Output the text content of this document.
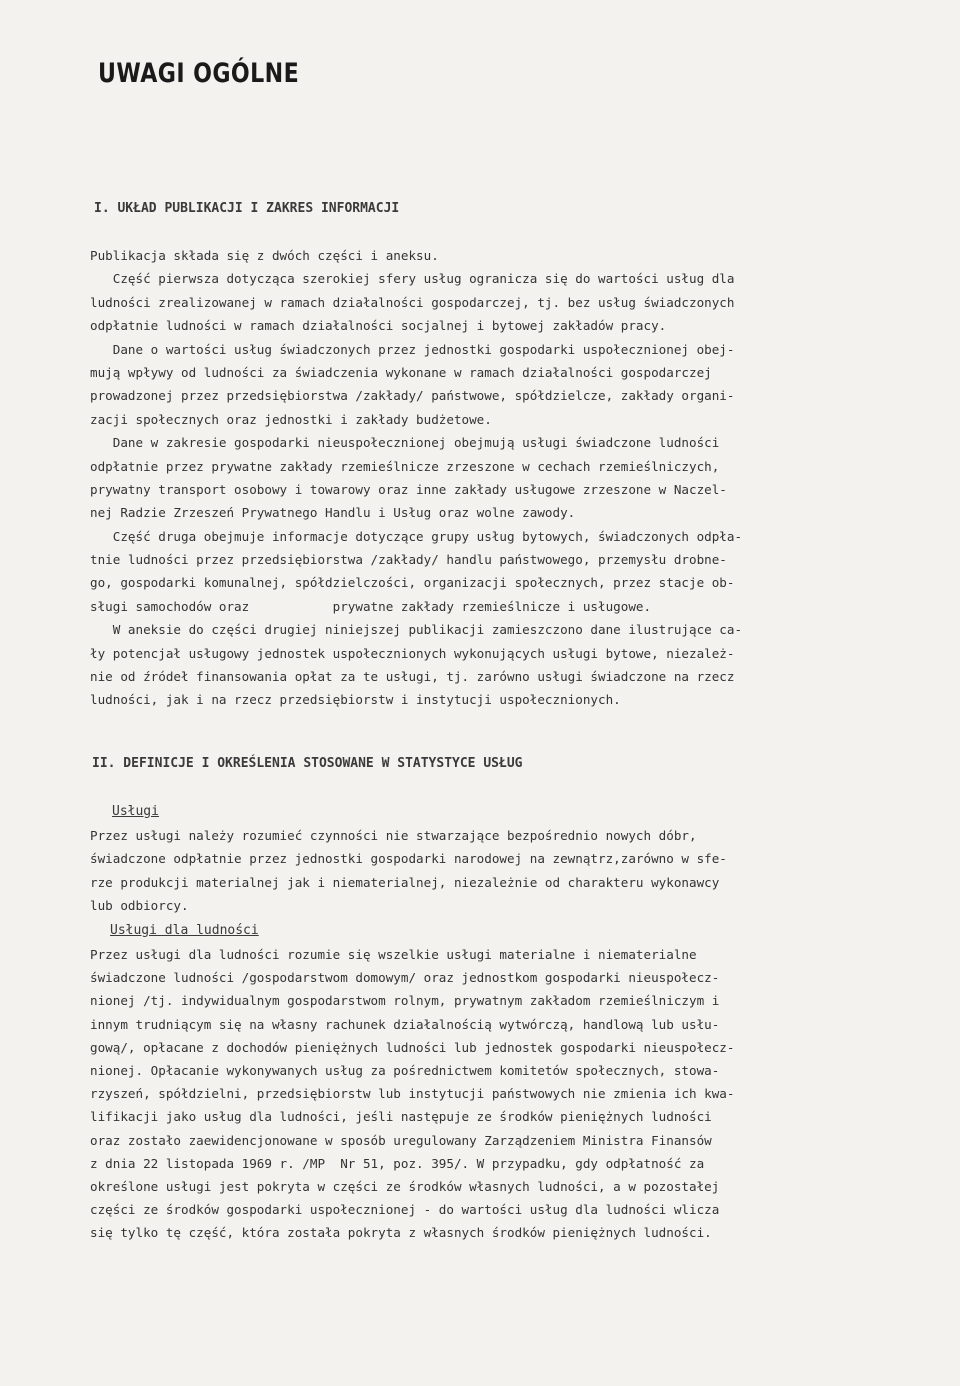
UWAGI OGÓLNE
I. UKŁAD PUBLIKACJI I ZAKRES INFORMACJI
Publikacja składa się z dwóch części i aneksu.
Część pierwsza dotycząca szerokiej sfery usług ogranicza się do wartości usług dla
ludności zrealizowanej w ramach działalności gospodarczej, tj. bez usług świadczonych
odpłatnie ludności w ramach działalności socjalnej i bytowej zakładów pracy.
Dane o wartości usług świadczonych przez jednostki gospodarki uspołecznionej obej-
mują wpływy od ludności za świadczenia wykonane w ramach działalności gospodarczej
prowadzonej przez przedsiębiorstwa /zakłady/ państwowe, spółdzielcze, zakłady organi-
zacji społecznych oraz jednostki i zakłady budżetowe.
Dane w zakresie gospodarki nieuspołecznionej obejmują usługi świadczone ludności
odpłatnie przez prywatne zakłady rzemieślnicze zrzeszone w cechach rzemieślniczych,
prywatny transport osobowy i towarowy oraz inne zakłady usługowe zrzeszone w Naczel-
nej Radzie Zrzeszeń Prywatnego Handlu i Usług oraz wolne zawody.
Część druga obejmuje informacje dotyczące grupy usług bytowych, świadczonych odpła-
tnie ludności przez przedsiębiorstwa /zakłady/ handlu państwowego, przemysłu drobne-
go, gospodarki komunalnej, spółdzielczości, organizacji społecznych, przez stacje ob-
sługi samochodów oraz           prywatne zakłady rzemieślnicze i usługowe.
W aneksie do części drugiej niniejszej publikacji zamieszczono dane ilustrujące ca-
ły potencjał usługowy jednostek uspołecznionych wykonujących usługi bytowe, niezależ-
nie od źródeł finansowania opłat za te usługi, tj. zarówno usługi świadczone na rzecz
ludności, jak i na rzecz przedsiębiorstw i instytucji uspołecznionych.
II. DEFINICJE I OKREŚLENIA STOSOWANE W STATYSTYCE USŁUG
Usługi
Przez usługi należy rozumieć czynności nie stwarzające bezpośrednio nowych dóbr,
świadczone odpłatnie przez jednostki gospodarki narodowej na zewnątrz,zarówno w sfe-
rze produkcji materialnej jak i niematerialnej, niezależnie od charakteru wykonawcy
lub odbiorcy.
Usługi dla ludności
Przez usługi dla ludności rozumie się wszelkie usługi materialne i niematerialne
świadczone ludności /gospodarstwom domowym/ oraz jednostkom gospodarki nieuspołecz-
nionej /tj. indywidualnym gospodarstwom rolnym, prywatnym zakładom rzemieślniczym i
innym trudniącym się na własny rachunek działalnością wytwórczą, handlową lub usłu-
gową/, opłacane z dochodów pieniężnych ludności lub jednostek gospodarki nieuspołecz-
nionej. Opłacanie wykonywanych usług za pośrednictwem komitetów społecznych, stowa-
rzyszeń, spółdzielni, przedsiębiorstw lub instytucji państwowych nie zmienia ich kwa-
lifikacji jako usług dla ludności, jeśli następuje ze środków pieniężnych ludności
oraz zostało zaewidencjonowane w sposób uregulowany Zarządzeniem Ministra Finansów
z dnia 22 listopada 1969 r. /MP  Nr 51, poz. 395/. W przypadku, gdy odpłatność za
określone usługi jest pokryta w części ze środków własnych ludności, a w pozostałej
części ze środków gospodarki uspołecznionej - do wartości usług dla ludności wlicza
się tylko tę część, która została pokryta z własnych środków pieniężnych ludności.
